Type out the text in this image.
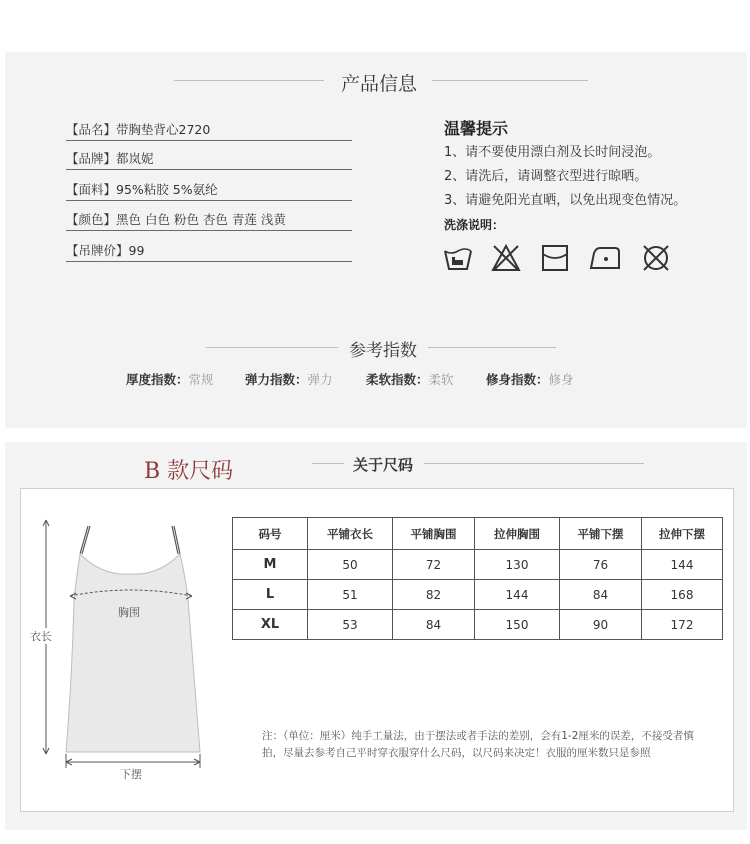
产品信息
【品名】带胸垫背心2720
【品牌】都岚妮
【面料】95%粘胶 5%氨纶
【颜色】黑色 白色 粉色 杏色 青莲 浅黄
【吊牌价】99
温馨提示
1、请不要使用漂白剂及长时间浸泡。
2、请洗后，请调整衣型进行晾晒。
3、请避免阳光直晒，以免出现变色情况。
洗涤说明：
参考指数
厚度指数：常规	弹力指数：弹力	柔软指数：柔软	修身指数：修身
B 款尺码	关于尺码
胸围
衣长
下摆
码号	平铺衣长	平铺胸围	拉伸胸围	平铺下摆	拉伸下摆
M	50	72	130	76	144
L	51	82	144	84	168
XL	53	84	150	90	172
注：（单位：厘米）纯手工量法，由于摆法或者手法的差别，会有1-2厘米的误差，不接受者慎拍，尽量去参考自己平时穿衣服穿什么尺码，以尺码来决定！衣服的厘米数只是参照
